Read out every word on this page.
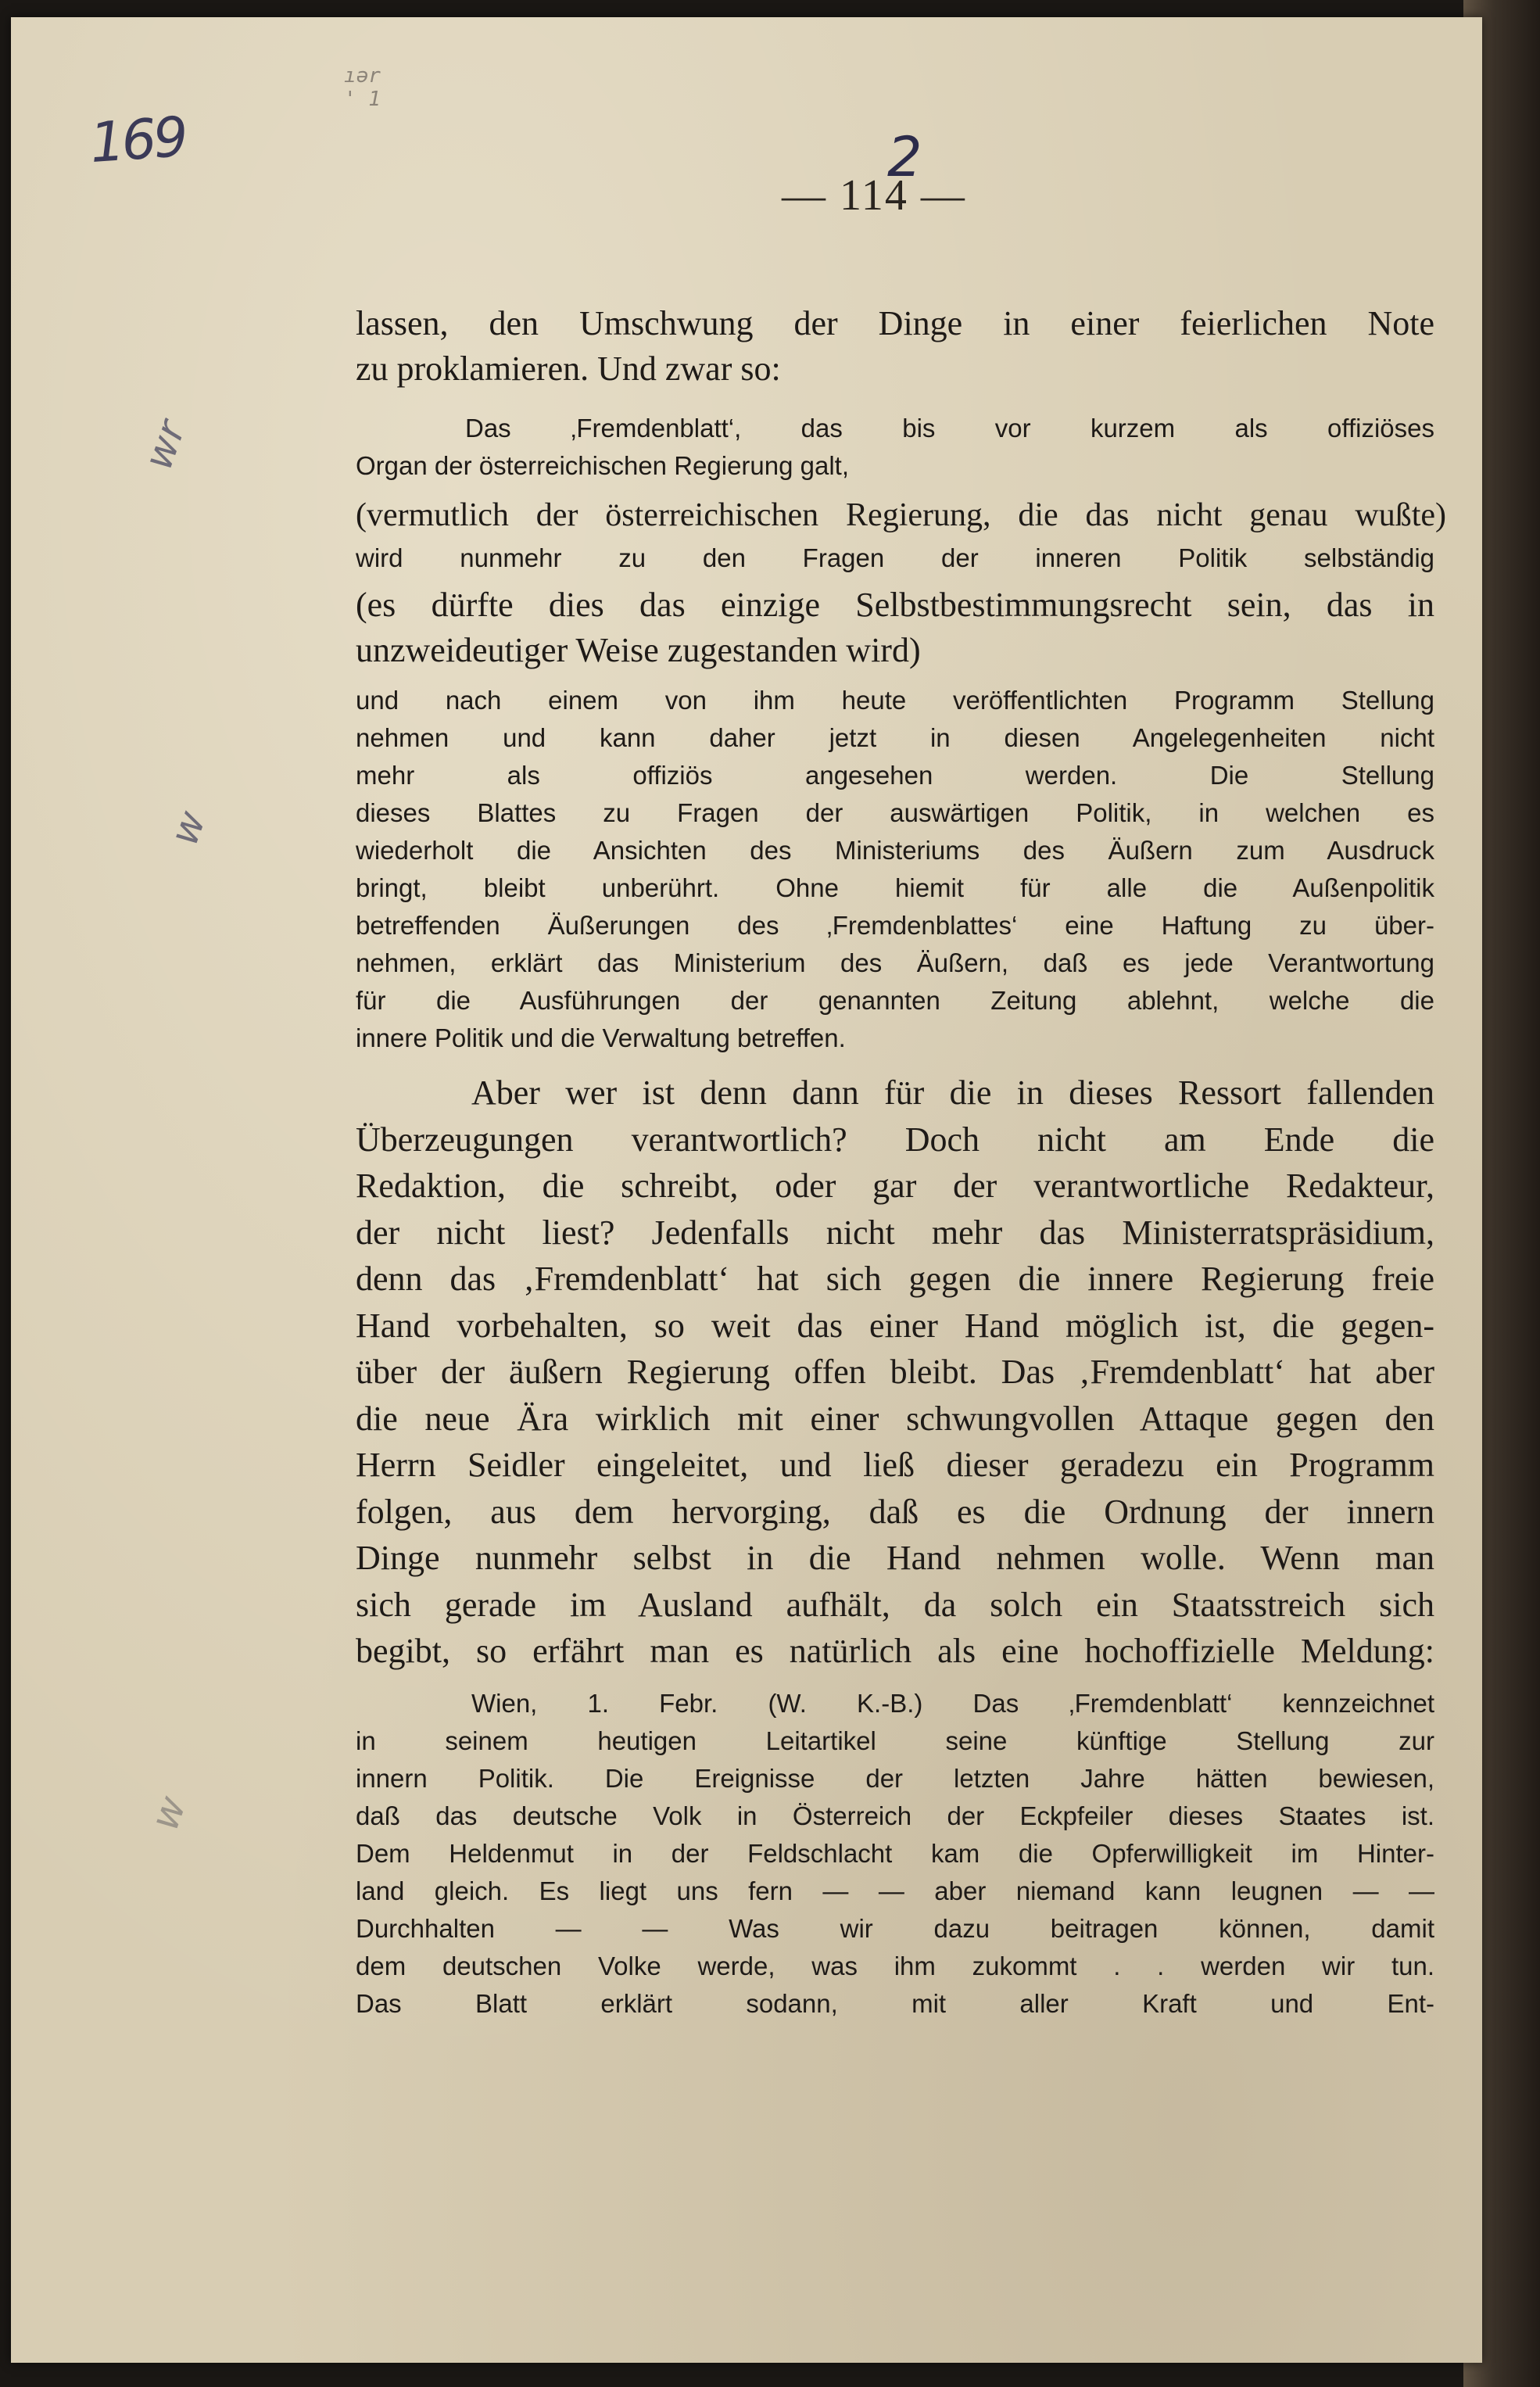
169
ıǝr
' 1
wr
w
w
— 114 —
2
lassen, den Umschwung der Dinge in einer feierlichen Note
zu proklamieren. Und zwar so:
Das ‚Fremdenblatt‘, das bis vor kurzem als offiziöses
Organ der österreichischen Regierung galt,
(vermutlich der österreichischen Regierung, die das nicht genau wußte)
wird nunmehr zu den Fragen der inneren Politik selbständig
(es dürfte dies das einzige Selbstbestimmungsrecht sein, das in
unzweideutiger Weise zugestanden wird)
und nach einem von ihm heute veröffentlichten Programm Stellung
nehmen und kann daher jetzt in diesen Angelegenheiten nicht
mehr als offiziös angesehen werden. Die Stellung
dieses Blattes zu Fragen der auswärtigen Politik, in welchen es
wiederholt die Ansichten des Ministeriums des Äußern zum Ausdruck
bringt, bleibt unberührt. Ohne hiemit für alle die Außenpolitik
betreffenden Äußerungen des ‚Fremdenblattes‘ eine Haftung zu über-
nehmen, erklärt das Ministerium des Äußern, daß es jede Verantwortung
für die Ausführungen der genannten Zeitung ablehnt, welche die
innere Politik und die Verwaltung betreffen.
Aber wer ist denn dann für die in dieses Ressort fallenden
Überzeugungen verantwortlich? Doch nicht am Ende die
Redaktion, die schreibt, oder gar der verantwortliche Redakteur,
der nicht liest? Jedenfalls nicht mehr das Ministerratspräsidium,
denn das ‚Fremdenblatt‘ hat sich gegen die innere Regierung freie
Hand vorbehalten, so weit das einer Hand möglich ist, die gegen-
über der äußern Regierung offen bleibt. Das ‚Fremdenblatt‘ hat aber
die neue Ära wirklich mit einer schwungvollen Attaque gegen den
Herrn Seidler eingeleitet, und ließ dieser geradezu ein Programm
folgen, aus dem hervorging, daß es die Ordnung der innern
Dinge nunmehr selbst in die Hand nehmen wolle. Wenn man
sich gerade im Ausland aufhält, da solch ein Staatsstreich sich
begibt, so erfährt man es natürlich als eine hochoffizielle Meldung:
Wien, 1. Febr. (W. K.-B.) Das ‚Fremdenblatt‘ kennzeichnet
in seinem heutigen Leitartikel seine künftige Stellung zur
innern Politik. Die Ereignisse der letzten Jahre hätten bewiesen,
daß das deutsche Volk in Österreich der Eckpfeiler dieses Staates ist.
Dem Heldenmut in der Feldschlacht kam die Opferwilligkeit im Hinter-
land gleich. Es liegt uns fern — — aber niemand kann leugnen — —
Durchhalten — — Was wir dazu beitragen können, damit
dem deutschen Volke werde, was ihm zukommt . . werden wir tun.
Das Blatt erklärt sodann, mit aller Kraft und Ent-
